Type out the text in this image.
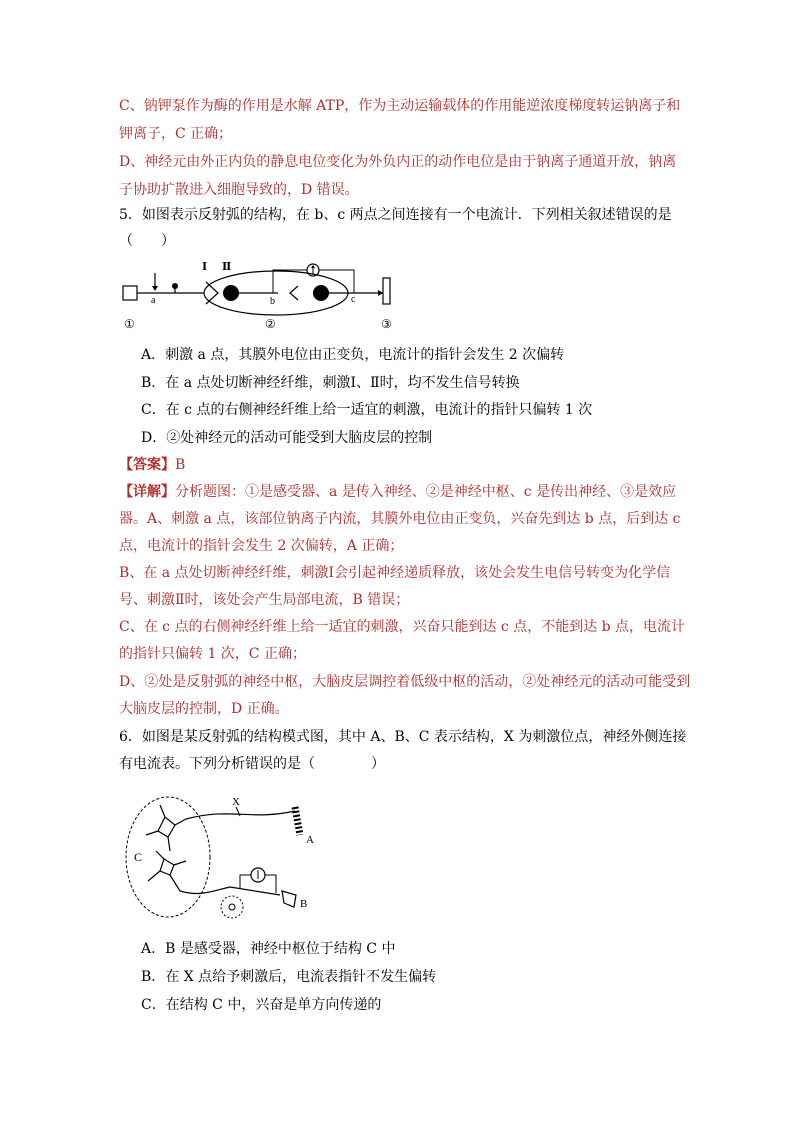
C、钠钾泵作为酶的作用是水解 ATP，作为主动运输载体的作用能逆浓度梯度转运钠离子和
钾离子，C 正确；
D、神经元由外正内负的静息电位变化为外负内正的动作电位是由于钠离子通道开放，钠离
子协助扩散进入细胞导致的，D 错误。
5．如图表示反射弧的结构，在 b、c 两点之间连接有一个电流计．下列相关叙述错误的是
（　　）
a
Ⅰ Ⅱ
b	c
①	②	③
A．刺激 a 点，其膜外电位由正变负，电流计的指针会发生 2 次偏转
B．在 a 点处切断神经纤维，刺激Ⅰ、Ⅱ时，均不发生信号转换
C．在 c 点的右侧神经纤维上给一适宜的刺激，电流计的指针只偏转 1 次
D．②处神经元的活动可能受到大脑皮层的控制
【答案】B
【详解】分析题图：①是感受器、a 是传入神经、②是神经中枢、c 是传出神经、③是效应
器。A、刺激 a 点，该部位钠离子内流，其膜外电位由正变负，兴奋先到达 b 点，后到达 c
点，电流计的指针会发生 2 次偏转，A 正确；
B、在 a 点处切断神经纤维，刺激Ⅰ会引起神经递质释放，该处会发生电信号转变为化学信
号、刺激Ⅱ时，该处会产生局部电流，B 错误；
C、在 c 点的右侧神经纤维上给一适宜的刺激，兴奋只能到达 c 点，不能到达 b 点，电流计
的指针只偏转 1 次，C 正确；
D、②处是反射弧的神经中枢，大脑皮层调控着低级中枢的活动，②处神经元的活动可能受到
大脑皮层的控制，D 正确。
6．如图是某反射弧的结构模式图，其中 A、B、C 表示结构，X 为刺激位点，神经外侧连接
有电流表。下列分析错误的是（　　　　）
C
X
A
B
A．B 是感受器，神经中枢位于结构 C 中
B．在 X 点给予刺激后，电流表指针不发生偏转
C．在结构 C 中，兴奋是单方向传递的
